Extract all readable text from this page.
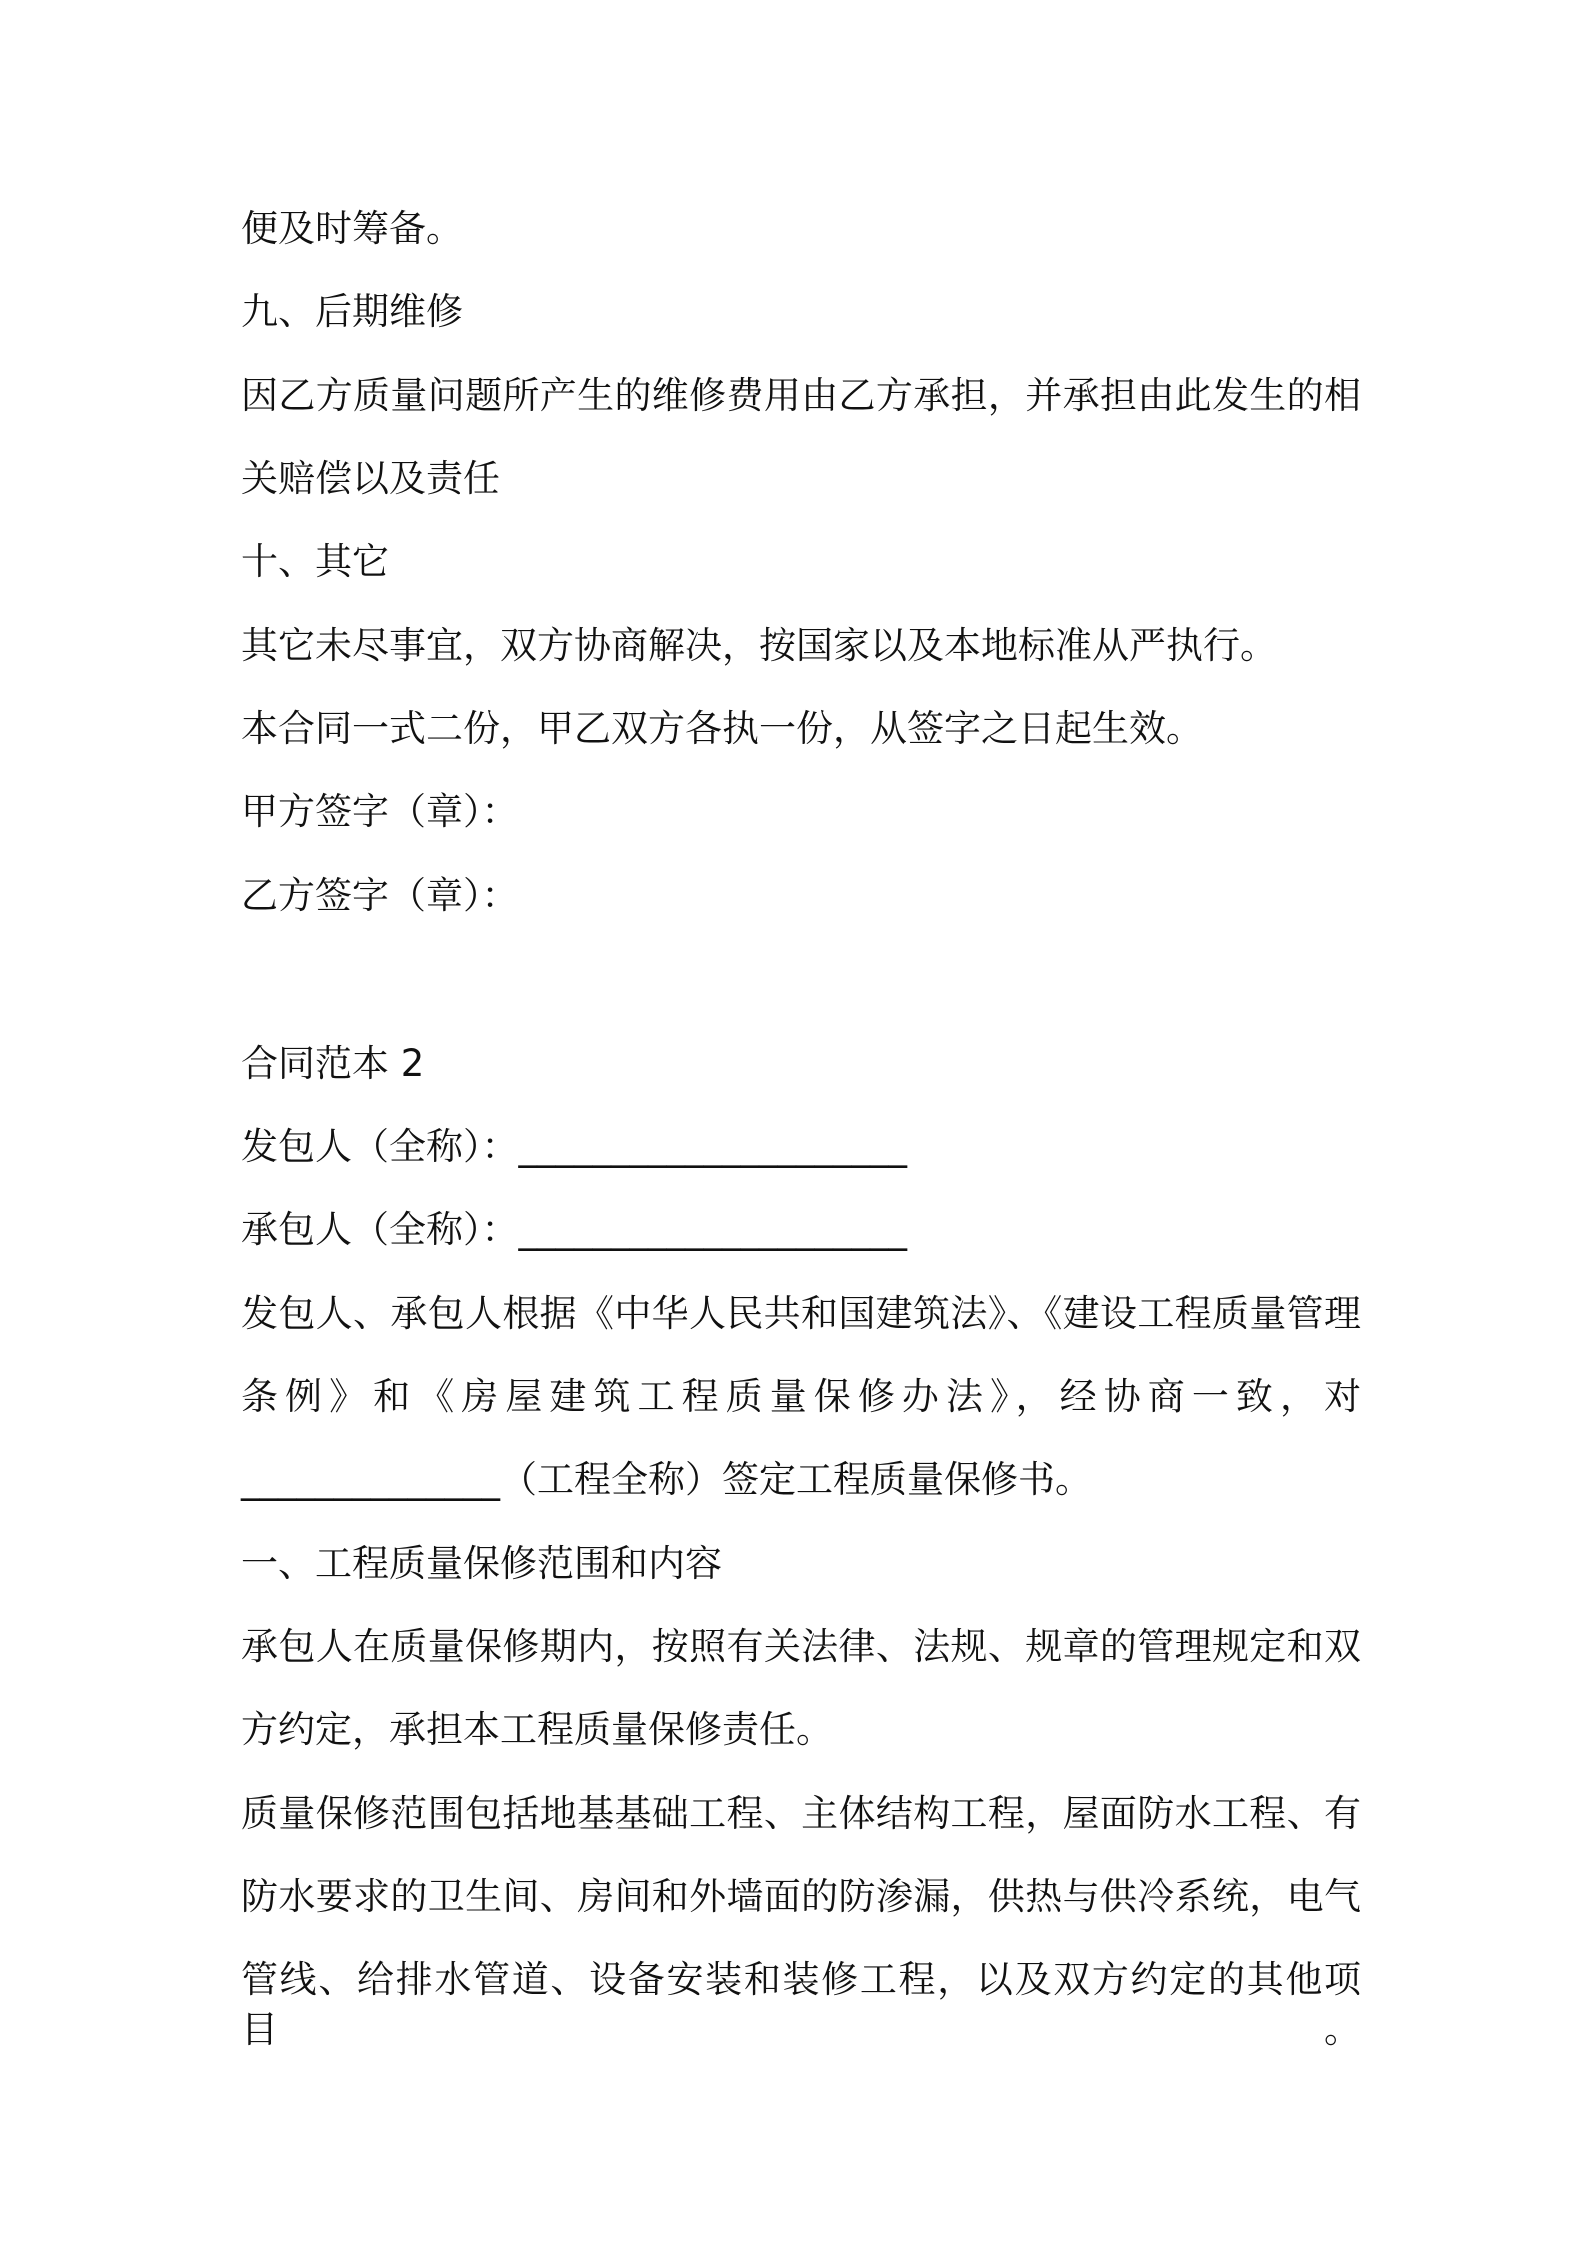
便及时筹备。
九、后期维修
因乙方质量问题所产生的维修费用由乙方承担，并承担由此发生的相
关赔偿以及责任
十、其它
其它未尽事宜，双方协商解决，按国家以及本地标准从严执行。
本合同一式二份，甲乙双方各执一份，从签字之日起生效。
甲方签字（章）：
乙方签字（章）：
合同范本 2
发包人（全称）：_____________________
承包人（全称）：_____________________
发包人、承包人根据《中华人民共和国建筑法》、《建设工程质量管理
条例》和《房屋建筑工程质量保修办法》，经协商一致，对
______________（工程全称）签定工程质量保修书。
一、工程质量保修范围和内容
承包人在质量保修期内，按照有关法律、法规、规章的管理规定和双
方约定，承担本工程质量保修责任。
质量保修范围包括地基基础工程、主体结构工程，屋面防水工程、有
防水要求的卫生间、房间和外墙面的防渗漏，供热与供冷系统，电气
管线、给排水管道、设备安装和装修工程，以及双方约定的其他项目。
